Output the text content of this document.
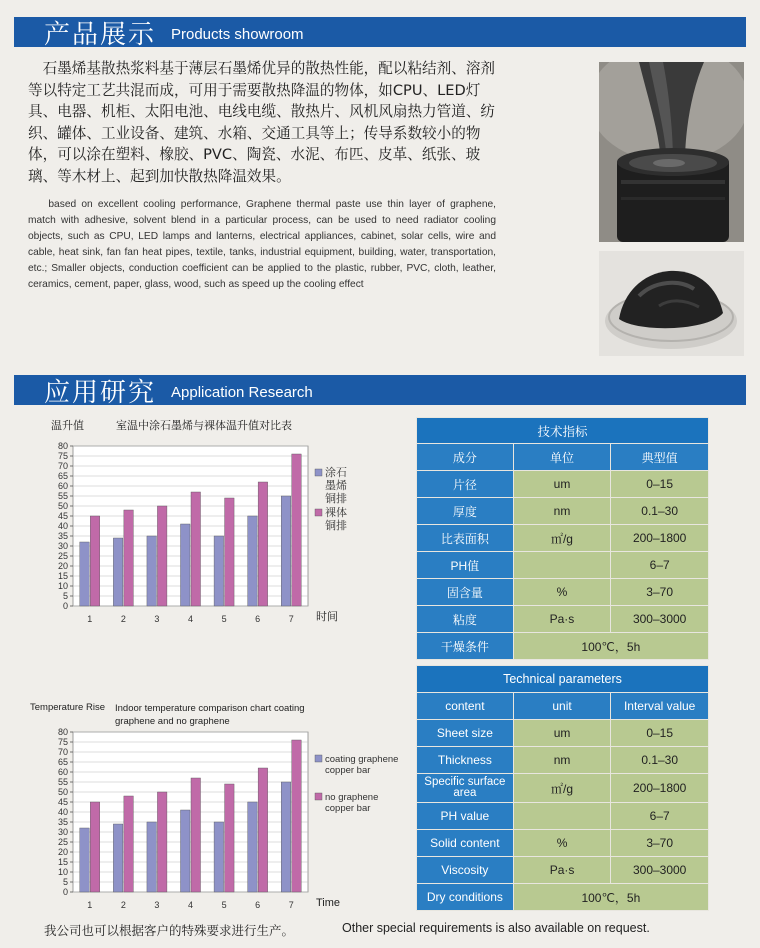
产品展示 Products showroom

石墨烯基散热浆料基于薄层石墨烯优异的散热性能，配以粘结剂、溶剂等以特定工艺共混而成，可用于需要散热降温的物体，如CPU、LED灯具、电器、机柜、太阳电池、电线电缆、散热片、风机风扇热力管道、纺织、罐体、工业设备、建筑、水箱、交通工具等上；传导系数较小的物体，可以涂在塑料、橡胶、PVC、陶瓷、水泥、布匹、皮革、纸张、玻璃、等木材上、起到加快散热降温效果。

based on excellent cooling performance, Graphene thermal paste use thin layer of graphene, match with adhesive, solvent blend in a particular process, can be used to need radiator cooling objects, such as CPU, LED lamps and lanterns, electrical appliances, cabinet, solar cells, wire and cable, heat sink, fan fan heat pipes, textile, tanks, industrial equipment, building, water, transportation, etc.; Smaller objects, conduction coefficient can be applied to the plastic, rubber, PVC, cloth, leather, ceramics, cement, paper, glass, wood, such as speed up the cooling effect

应用研究 Application Research
温升值	室温中涂石墨烯与裸体温升值对比表
0
5
10
15
20
25
30
35
40
45
50
55
60
65
70
75
80
1	2	3	4	5	6	7 时间
涂石
墨烯
铜排
裸体
铜排
Temperature Rise Indoor temperature comparison chart coating graphene and no graphene
0
5
10
15
20
25
30
35
40
45
50
55
60
65
70
75
80
1	2	3	4	5	6	7 Time
coating graphene
copper bar
no graphene
copper bar
技术指标		
成分	单位	典型值
片径	um	0–15
厚度	nm	0.1–30
比表面积	㎡/g	200–1800
PH值		6–7
固含量	%	3–70
粘度	Pa·s	300–3000
干燥条件	100℃，5h	
Technical parameters		
content	unit	Interval value
Sheet size	um	0–15
Thickness	nm	0.1–30
Specific surface area	㎡/g	200–1800
PH value		6–7
Solid content	%	3–70
Viscosity	Pa·s	300–3000
Dry conditions	100℃，5h	
我公司也可以根据客户的特殊要求进行生产。	Other special requirements is also available on request.
